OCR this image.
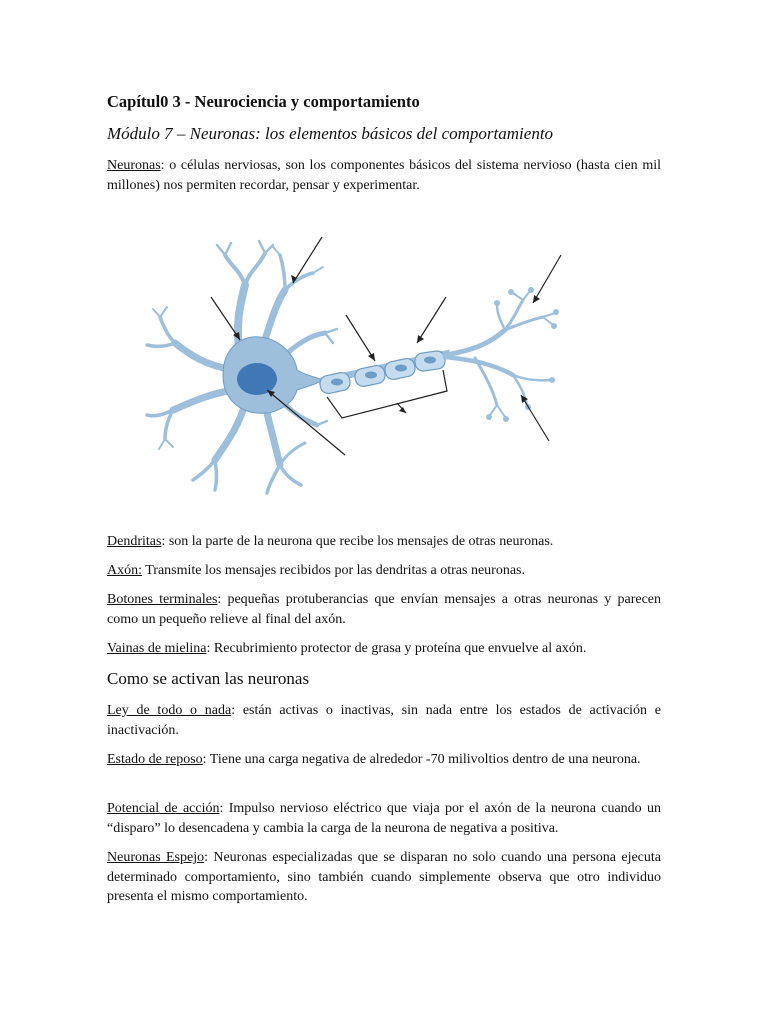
Capítul0 3 - Neurociencia y comportamiento
Módulo 7 – Neuronas: los elementos básicos del comportamiento

Neuronas: o células nerviosas, son los componentes básicos del sistema nervioso (hasta cien mil millones) nos permiten recordar, pensar y experimentar.

Dendritas: son la parte de la neurona que recibe los mensajes de otras neuronas.

Axón: Transmite los mensajes recibidos por las dendritas a otras neuronas.

Botones terminales: pequeñas protuberancias que envían mensajes a otras neuronas y parecen como un pequeño relieve al final del axón.

Vainas de mielina: Recubrimiento protector de grasa y proteína que envuelve al axón.

Como se activan las neuronas

Ley de todo o nada: están activas o inactivas, sin nada entre los estados de activación e inactivación.

Estado de reposo: Tiene una carga negativa de alrededor -70 milivoltios dentro de una neurona.

Potencial de acción: Impulso nervioso eléctrico que viaja por el axón de la neurona cuando un “disparo” lo desencadena y cambia la carga de la neurona de negativa a positiva.

Neuronas Espejo: Neuronas especializadas que se disparan no solo cuando una persona ejecuta determinado comportamiento, sino también cuando simplemente observa que otro individuo presenta el mismo comportamiento.
